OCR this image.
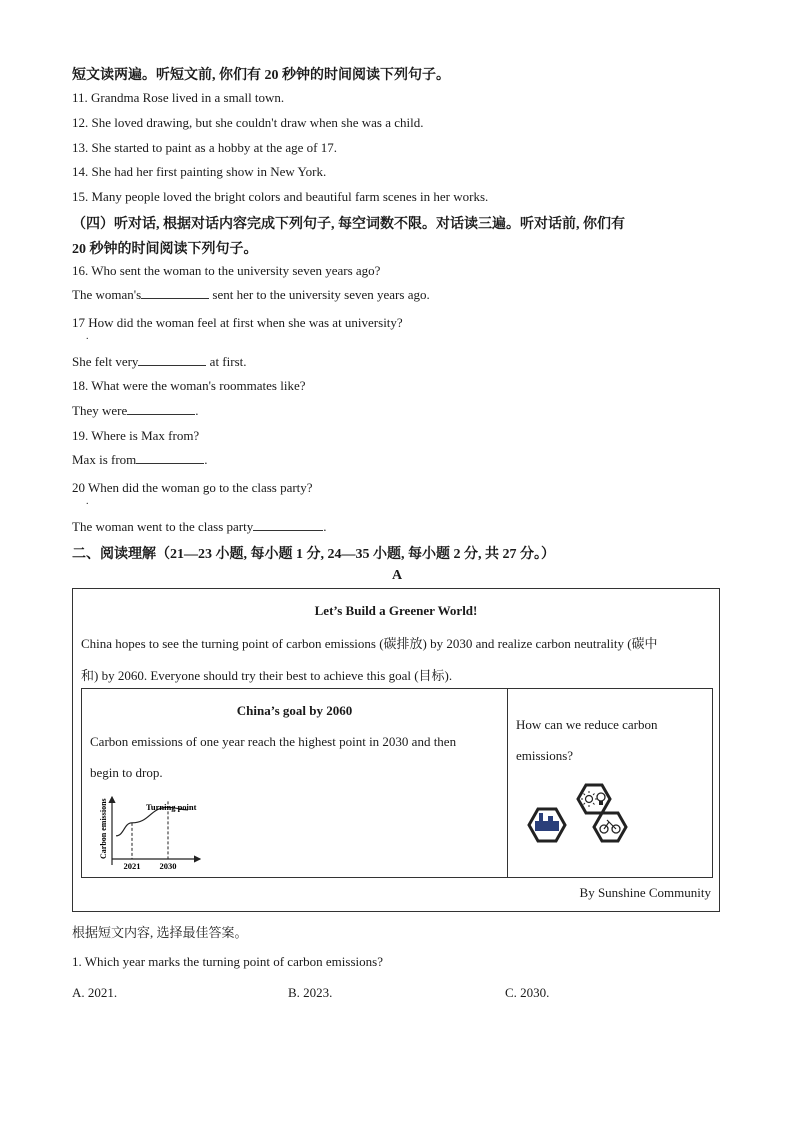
短文读两遍。听短文前, 你们有 20 秒钟的时间阅读下列句子。
11. Grandma Rose lived in a small town.
12. She loved drawing, but she couldn't draw when she was a child.
13. She started to paint as a hobby at the age of 17.
14. She had her first painting show in New York.
15. Many people loved the bright colors and beautiful farm scenes in her works.
（四）听对话, 根据对话内容完成下列句子, 每空词数不限。对话读三遍。听对话前, 你们有
20 秒钟的时间阅读下列句子。
16. Who sent the woman to the university seven years ago?
The woman's	sent her to the university seven years ago.
17 How did the woman feel at first when she was at university?
.
She felt very	at first.
18. What were the woman's roommates like?
They were	.
19. Where is Max from?
Max is from	.
20 When did the woman go to the class party?
.
The woman went to the class party	.
二、阅读理解（21—23 小题, 每小题 1 分, 24—35 小题, 每小题 2 分, 共 27 分。）
A
Let’s Build a Greener World!
China hopes to see the turning point of carbon emissions (碳排放) by 2030 and realize carbon neutrality (碳中
和) by 2060. Everyone should try their best to achieve this goal (目标).
China’s goal by 2060
Carbon emissions of one year reach the highest point in 2030 and then
begin to drop.
Carbon emissions
2021 2030
Turning point
How can we reduce carbon
emissions?
By Sunshine Community
根据短文内容, 选择最佳答案。
1. Which year marks the turning point of carbon emissions?
A. 2021.	B. 2023.	C. 2030.
